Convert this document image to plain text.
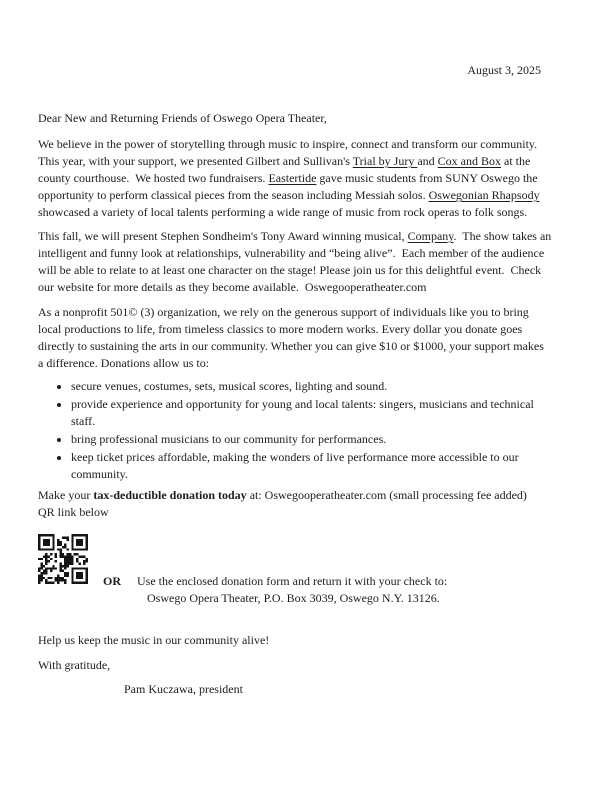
August 3, 2025
Dear New and Returning Friends of Oswego Opera Theater,
We believe in the power of storytelling through music to inspire, connect and transform our community.
This year, with your support, we presented Gilbert and Sullivan's Trial by Jury and Cox and Box at the
county courthouse.  We hosted two fundraisers. Eastertide gave music students from SUNY Oswego the
opportunity to perform classical pieces from the season including Messiah solos. Oswegonian Rhapsody
showcased a variety of local talents performing a wide range of music from rock operas to folk songs.
This fall, we will present Stephen Sondheim's Tony Award winning musical, Company.  The show takes an
intelligent and funny look at relationships, vulnerability and “being alive”.  Each member of the audience
will be able to relate to at least one character on the stage! Please join us for this delightful event.  Check
our website for more details as they become available.  Oswegooperatheater.com
As a nonprofit 501© (3) organization, we rely on the generous support of individuals like you to bring
local productions to life, from timeless classics to more modern works. Every dollar you donate goes
directly to sustaining the arts in our community. Whether you can give $10 or $1000, your support makes
a difference. Donations allow us to:
• secure venues, costumes, sets, musical scores, lighting and sound.
• provide experience and opportunity for young and local talents: singers, musicians and technical
staff.
• bring professional musicians to our community for performances.
• keep ticket prices affordable, making the wonders of live performance more accessible to our
community.
Make your tax-deductible donation today at: Oswegooperatheater.com (small processing fee added)
QR link below
OR Use the enclosed donation form and return it with your check to:
Oswego Opera Theater, P.O. Box 3039, Oswego N.Y. 13126.
Help us keep the music in our community alive!
With gratitude,
Pam Kuczawa, president
